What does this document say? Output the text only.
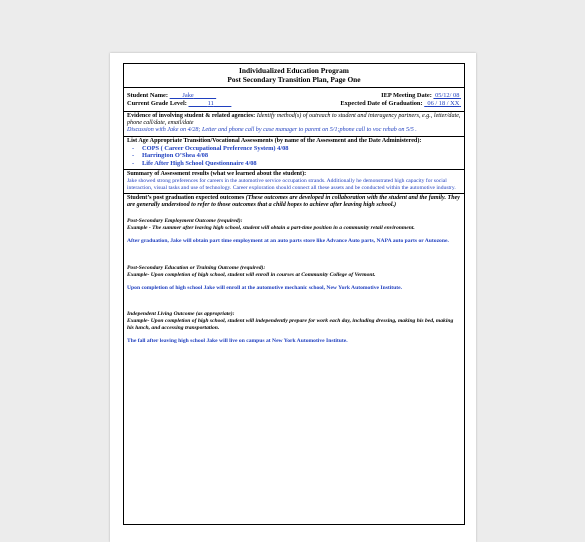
Individualized Education Program
Post Secondary Transition Plan, Page One
Student Name: Jake	IEP Meeting Date: 05/12/ 08
Current Grade Level:	11	Expected Date of Graduation: 06 / 18 / XX
Evidence of involving student & related agencies: Identify method(s) of outreach to student and interagency partners, e.g., letter/date, phone call/date, email/date
Discussion with Jake on 4/28; Letter and phone call by case manager to parent on 5/1;phone call to voc rehab on 5/5 .
List Age Appropriate Transition/Vocational Assessments (by name of the Assessment and the Date Administered):
- COPS ( Career Occupational Preference System) 4/08
- Harrington O’Shea 4/08
- Life After High School Questionnaire 4/08
Summary of Assessment results (what we learned about the student):
Jake showed strong preferences for careers in the automotive service occupation strands. Additionally he demonstrated high capacity for social interaction, visual tasks and use of technology. Career exploration should connect all these assets and be conducted within the automotive industry.
Student’s post graduation expected outcomes (These outcomes are developed in collaboration with the student and the family. They are generally understood to refer to those outcomes that a child hopes to achieve after leaving high school.)

Post-Secondary Employment Outcome (required):

Example - The summer after leaving high school, student will obtain a part-time position in a community retail environment.

After graduation, Jake will obtain part time employment at an auto parts store like Advance Auto parts, NAPA auto parts or Autozone.

Post-Secondary Education or Training Outcome (required):

Example- Upon completion of high school, student will enroll in courses at Community College of Vermont.

Upon completion of high school Jake will enroll at the automotive mechanic school, New York Automotive Institute.

Independent Living Outcome (as appropriate):

Example- Upon completion of high school, student will independently prepare for work each day, including dressing, making his bed, making his lunch, and accessing transportation.

The fall after leaving high school Jake will live on campus at New York Automotive Institute.
